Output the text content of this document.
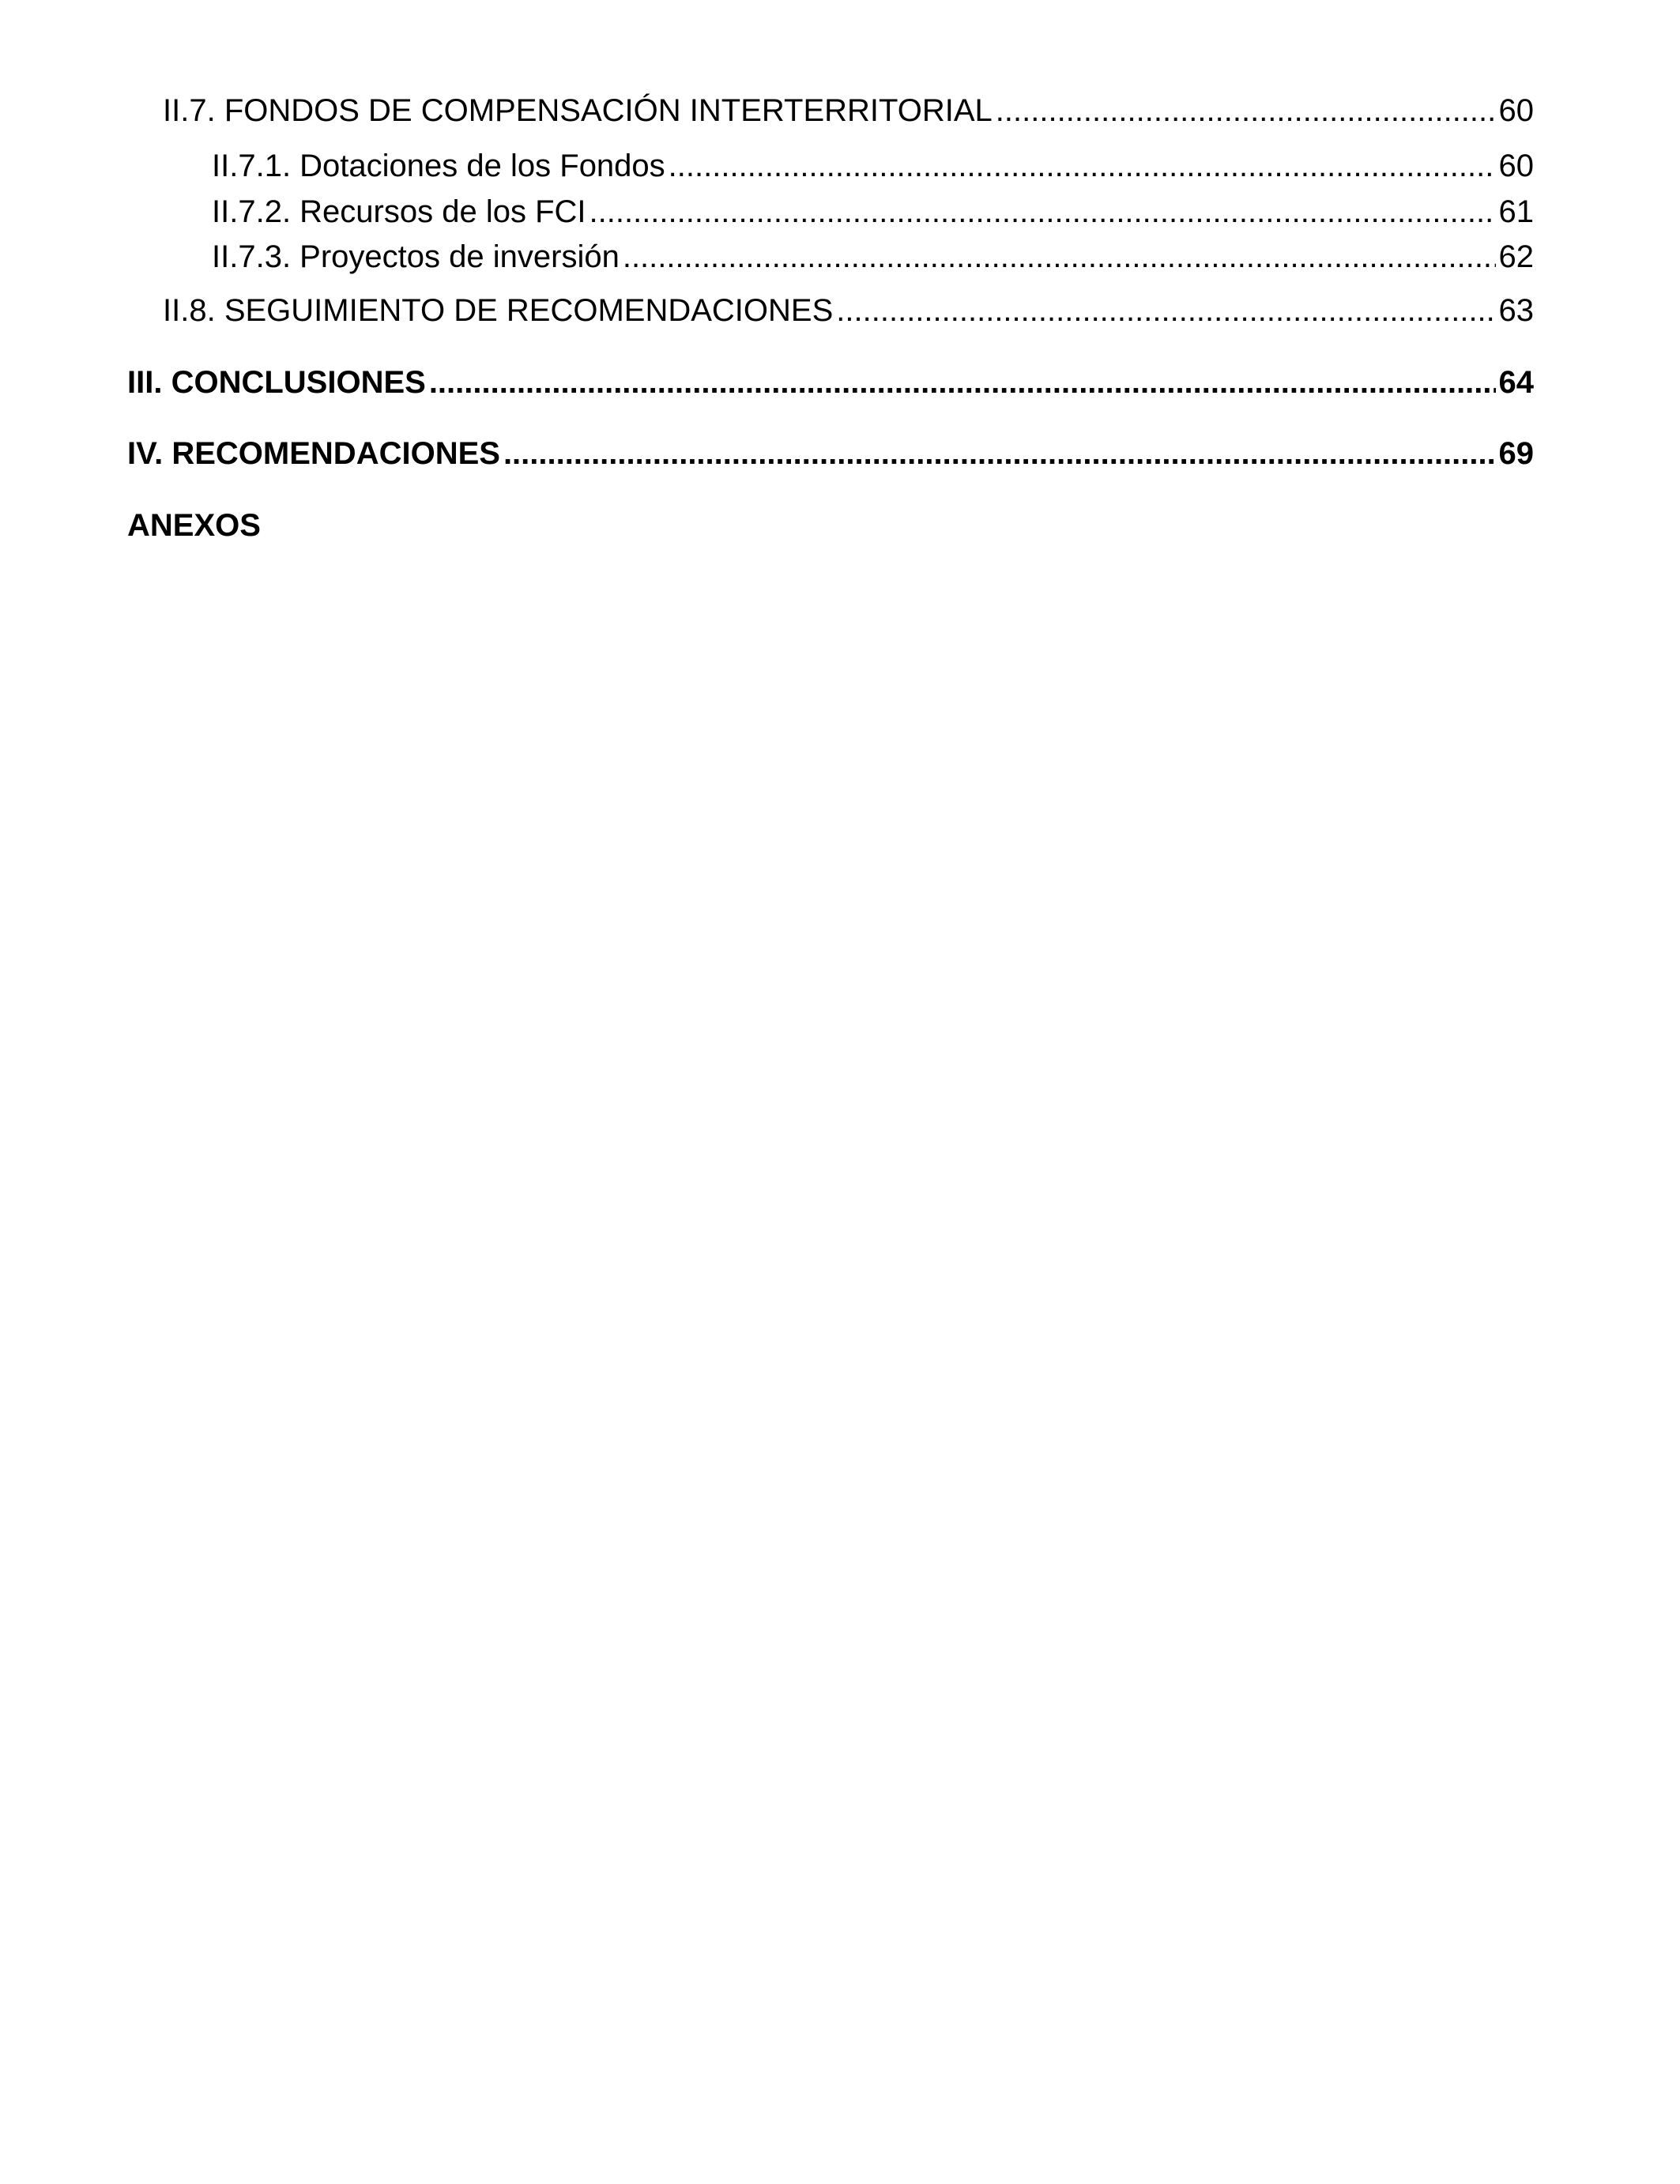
II.7. FONDOS DE COMPENSACIÓN INTERTERRITORIAL .....	60
II.7.1. Dotaciones de los Fondos .....	60
II.7.2. Recursos de los FCI .....	61
II.7.3. Proyectos de inversión .....	62
II.8. SEGUIMIENTO DE RECOMENDACIONES .....	63
III. CONCLUSIONES .....	64
IV. RECOMENDACIONES .....	69
ANEXOS
